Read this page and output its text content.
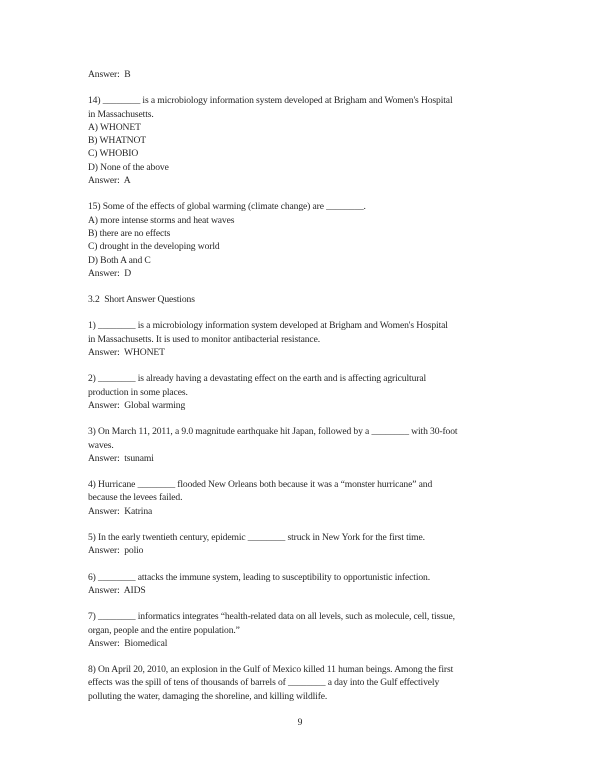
Answer:  B
14) ________ is a microbiology information system developed at Brigham and Women's Hospital
in Massachusetts.
A) WHONET
B) WHATNOT
C) WHOBIO
D) None of the above
Answer:  A
15) Some of the effects of global warming (climate change) are ________.
A) more intense storms and heat waves
B) there are no effects
C) drought in the developing world
D) Both A and C
Answer:  D
3.2  Short Answer Questions
1) ________ is a microbiology information system developed at Brigham and Women's Hospital
in Massachusetts. It is used to monitor antibacterial resistance.
Answer:  WHONET
2) ________ is already having a devastating effect on the earth and is affecting agricultural
production in some places.
Answer:  Global warming
3) On March 11, 2011, a 9.0 magnitude earthquake hit Japan, followed by a ________ with 30-foot
waves.
Answer:  tsunami
4) Hurricane ________ flooded New Orleans both because it was a “monster hurricane” and
because the levees failed.
Answer:  Katrina
5) In the early twentieth century, epidemic ________ struck in New York for the first time.
Answer:  polio
6) ________ attacks the immune system, leading to susceptibility to opportunistic infection.
Answer:  AIDS
7) ________ informatics integrates “health-related data on all levels, such as molecule, cell, tissue,
organ, people and the entire population.”
Answer:  Biomedical
8) On April 20, 2010, an explosion in the Gulf of Mexico killed 11 human beings. Among the first
effects was the spill of tens of thousands of barrels of ________ a day into the Gulf effectively
polluting the water, damaging the shoreline, and killing wildlife.
9
